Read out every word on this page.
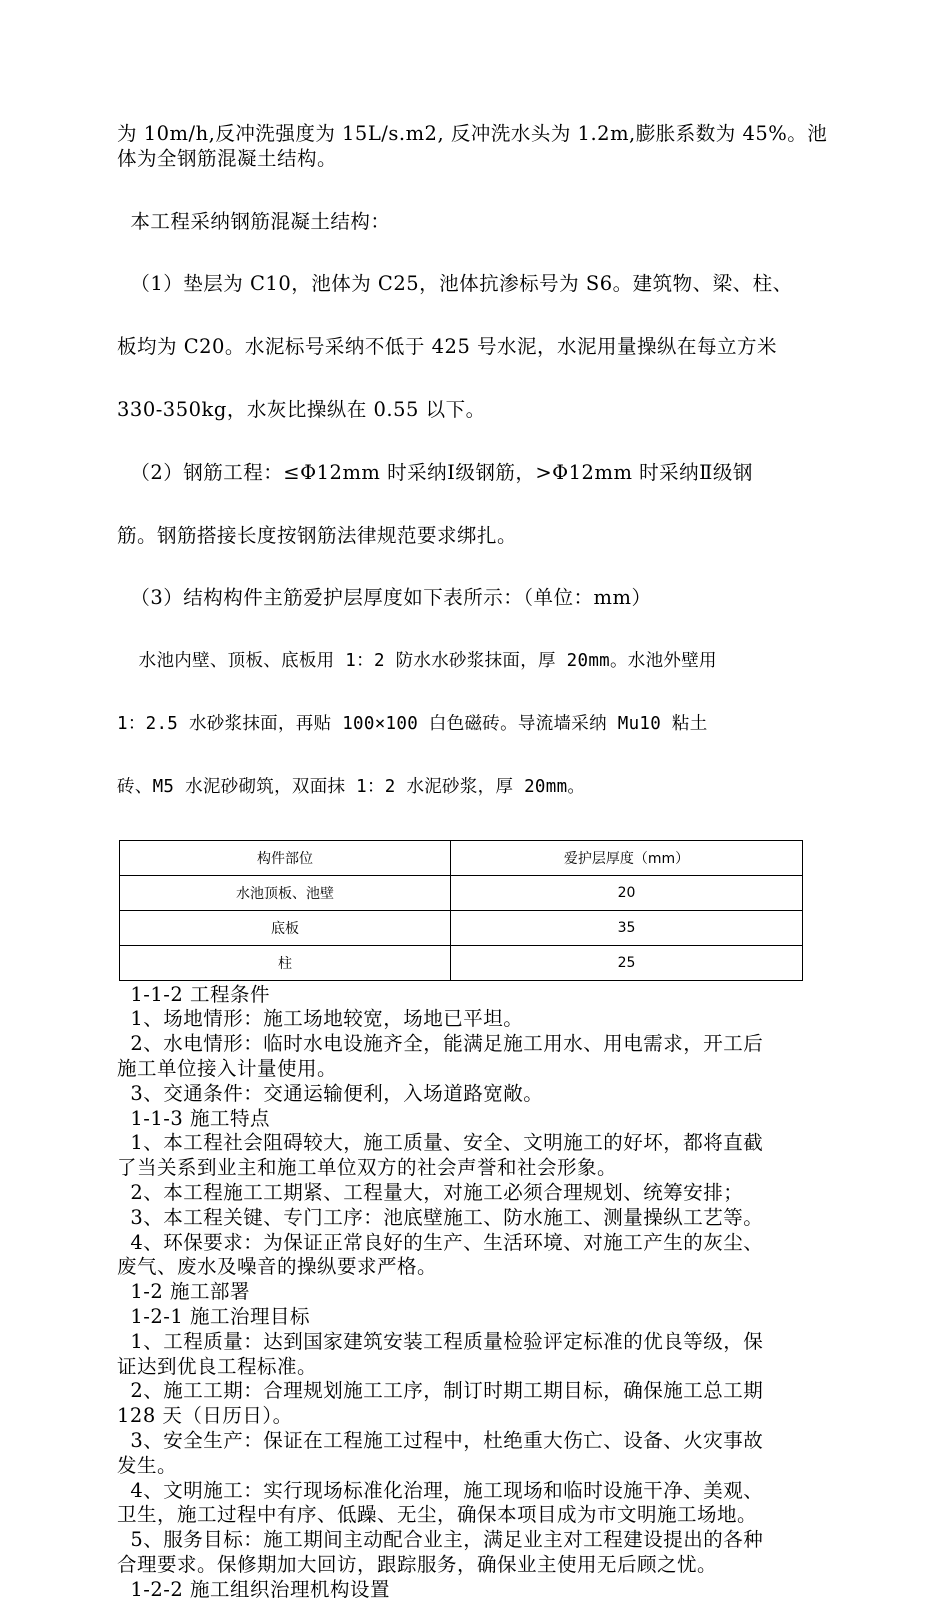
为 10m/h,反冲洗强度为 15L/s.m2, 反冲洗水头为 1.2m,膨胀系数为 45%。池
体为全钢筋混凝土结构。

本工程采纳钢筋混凝土结构：

（1）垫层为 C10，池体为 C25，池体抗渗标号为 S6。建筑物、梁、柱、

板均为 C20。水泥标号采纳不低于 425 号水泥，水泥用量操纵在每立方米

330-350kg，水灰比操纵在 0.55 以下。

（2）钢筋工程：≤Φ12mm 时采纳Ⅰ级钢筋，>Φ12mm 时采纳Ⅱ级钢

筋。钢筋搭接长度按钢筋法律规范要求绑扎。

（3）结构构件主筋爱护层厚度如下表所示：（单位：mm）

水池内壁、顶板、底板用 1：2 防水水砂浆抹面，厚 20mm。水池外壁用

1：2.5 水砂浆抹面，再贴 100×100 白色磁砖。导流墙采纳 Mu10 粘土

砖、M5 水泥砂砌筑，双面抹 1：2 水泥砂浆，厚 20mm。

构件部位	爱护层厚度（mm）
水池顶板、池壁	20
底板	35
柱	25
1-1-2 工程条件
1、场地情形：施工场地较宽，场地已平坦。
2、水电情形：临时水电设施齐全，能满足施工用水、用电需求，开工后
施工单位接入计量使用。
3、交通条件：交通运输便利，入场道路宽敞。
1-1-3 施工特点
1、本工程社会阻碍较大，施工质量、安全、文明施工的好坏，都将直截
了当关系到业主和施工单位双方的社会声誉和社会形象。
2、本工程施工工期紧、工程量大，对施工必须合理规划、统筹安排；
3、本工程关键、专门工序：池底壁施工、防水施工、测量操纵工艺等。
4、环保要求：为保证正常良好的生产、生活环境、对施工产生的灰尘、
废气、废水及噪音的操纵要求严格。
1-2 施工部署
1-2-1 施工治理目标
1、工程质量：达到国家建筑安装工程质量检验评定标准的优良等级，保
证达到优良工程标准。
2、施工工期：合理规划施工工序，制订时期工期目标，确保施工总工期
128 天（日历日）。
3、安全生产：保证在工程施工过程中，杜绝重大伤亡、设备、火灾事故
发生。
4、文明施工：实行现场标准化治理，施工现场和临时设施干净、美观、
卫生，施工过程中有序、低躁、无尘，确保本项目成为市文明施工场地。
5、服务目标：施工期间主动配合业主，满足业主对工程建设提出的各种
合理要求。保修期加大回访，跟踪服务，确保业主使用无后顾之忧。
1-2-2 施工组织治理机构设置
